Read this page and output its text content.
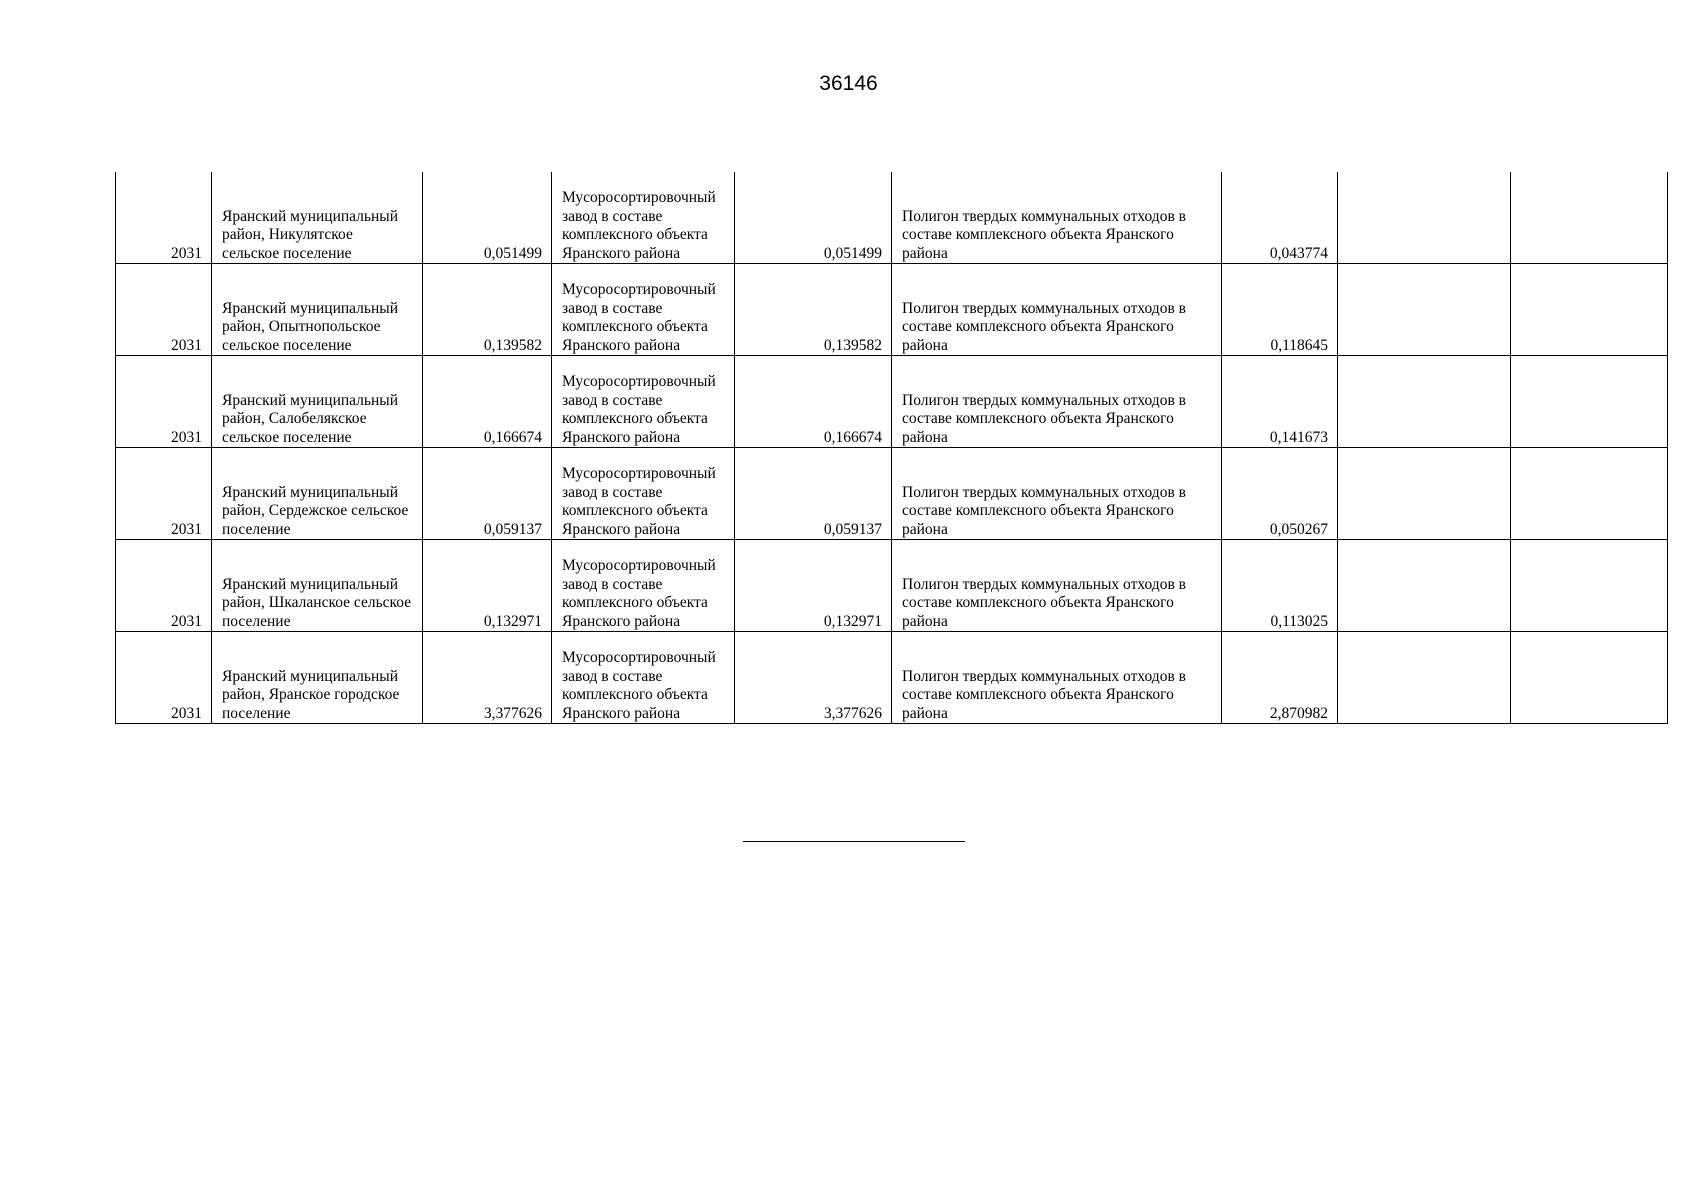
36146
2031	Яранский муниципальный район, Никулятское сельское поселение	0,051499	Мусоросортировочный завод в составе комплексного объекта Яранского района	0,051499	Полигон твердых коммунальных отходов в составе комплексного объекта Яранского района	0,043774		
2031	Яранский муниципальный район, Опытнопольское сельское поселение	0,139582	Мусоросортировочный завод в составе комплексного объекта Яранского района	0,139582	Полигон твердых коммунальных отходов в составе комплексного объекта Яранского района	0,118645		
2031	Яранский муниципальный район, Салобелякское сельское поселение	0,166674	Мусоросортировочный завод в составе комплексного объекта Яранского района	0,166674	Полигон твердых коммунальных отходов в составе комплексного объекта Яранского района	0,141673		
2031	Яранский муниципальный район, Сердежское сельское поселение	0,059137	Мусоросортировочный завод в составе комплексного объекта Яранского района	0,059137	Полигон твердых коммунальных отходов в составе комплексного объекта Яранского района	0,050267		
2031	Яранский муниципальный район, Шкаланское сельское поселение	0,132971	Мусоросортировочный завод в составе комплексного объекта Яранского района	0,132971	Полигон твердых коммунальных отходов в составе комплексного объекта Яранского района	0,113025		
2031	Яранский муниципальный район, Яранское городское поселение	3,377626	Мусоросортировочный завод в составе комплексного объекта Яранского района	3,377626	Полигон твердых коммунальных отходов в составе комплексного объекта Яранского района	2,870982		
